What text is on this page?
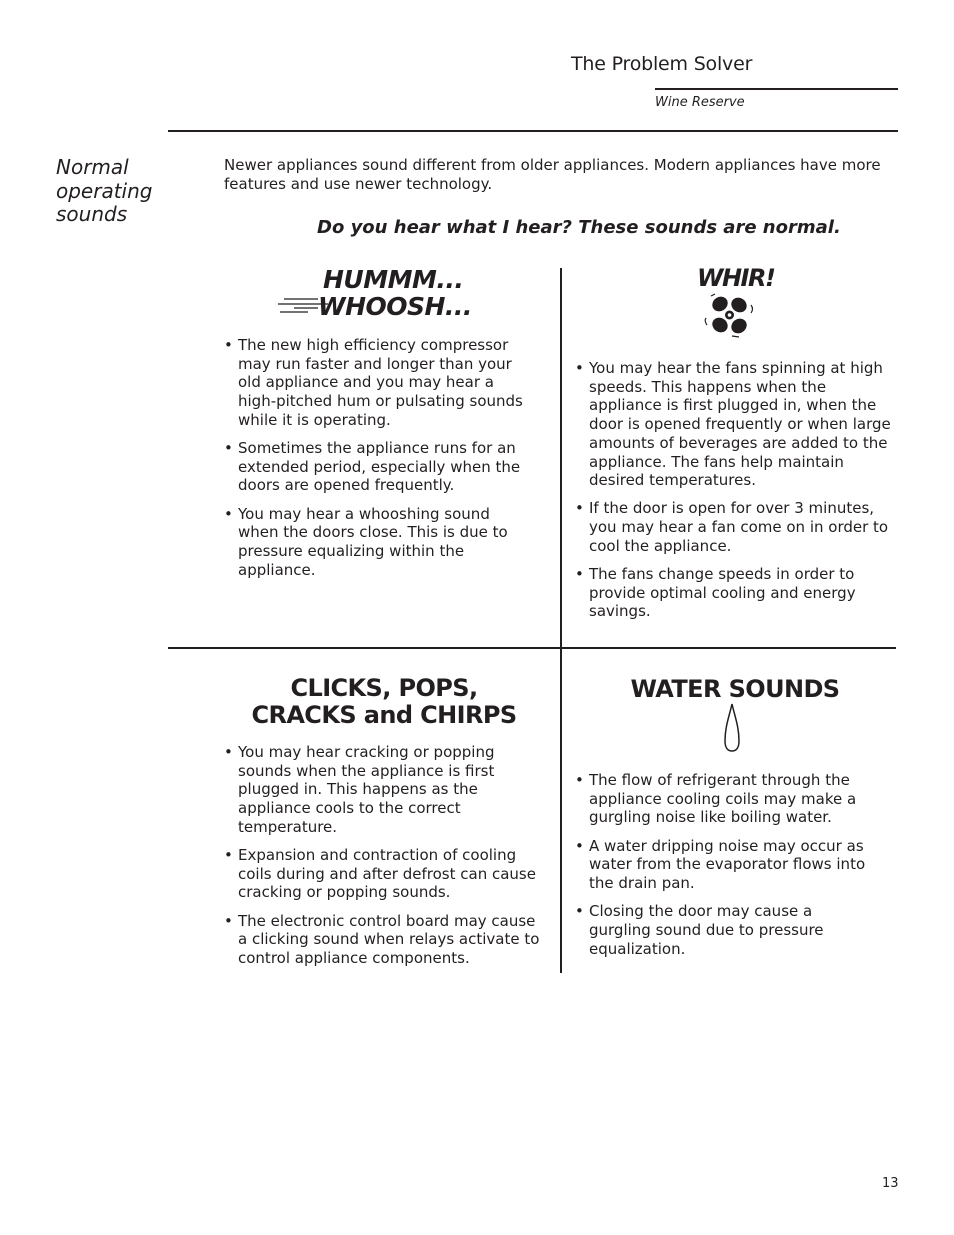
The Problem Solver
Wine Reserve
Normal operating sounds
Newer appliances sound different from older appliances. Modern appliances have more features and use newer technology.
Do you hear what I hear? These sounds are normal.
HUMMM...
WHOOSH...
• The new high efficiency compressor may run faster and longer than your old appliance and you may hear a high-pitched hum or pulsating sounds while it is operating.
• Sometimes the appliance runs for an extended period, especially when the doors are opened frequently.
• You may hear a whooshing sound when the doors close. This is due to pressure equalizing within the appliance.
WHIR!
• You may hear the fans spinning at high speeds. This happens when the appliance is first plugged in, when the door is opened frequently or when large amounts of beverages are added to the appliance. The fans help maintain desired temperatures.
• If the door is open for over 3 minutes, you may hear a fan come on in order to cool the appliance.
• The fans change speeds in order to provide optimal cooling and energy savings.
CLICKS, POPS,
CRACKS and CHIRPS
• You may hear cracking or popping sounds when the appliance is first plugged in. This happens as the appliance cools to the correct temperature.
• Expansion and contraction of cooling coils during and after defrost can cause cracking or popping sounds.
• The electronic control board may cause a clicking sound when relays activate to control appliance components.
WATER SOUNDS
• The flow of refrigerant through the appliance cooling coils may make a gurgling noise like boiling water.
• A water dripping noise may occur as water from the evaporator flows into the drain pan.
• Closing the door may cause a gurgling sound due to pressure equalization.
13
